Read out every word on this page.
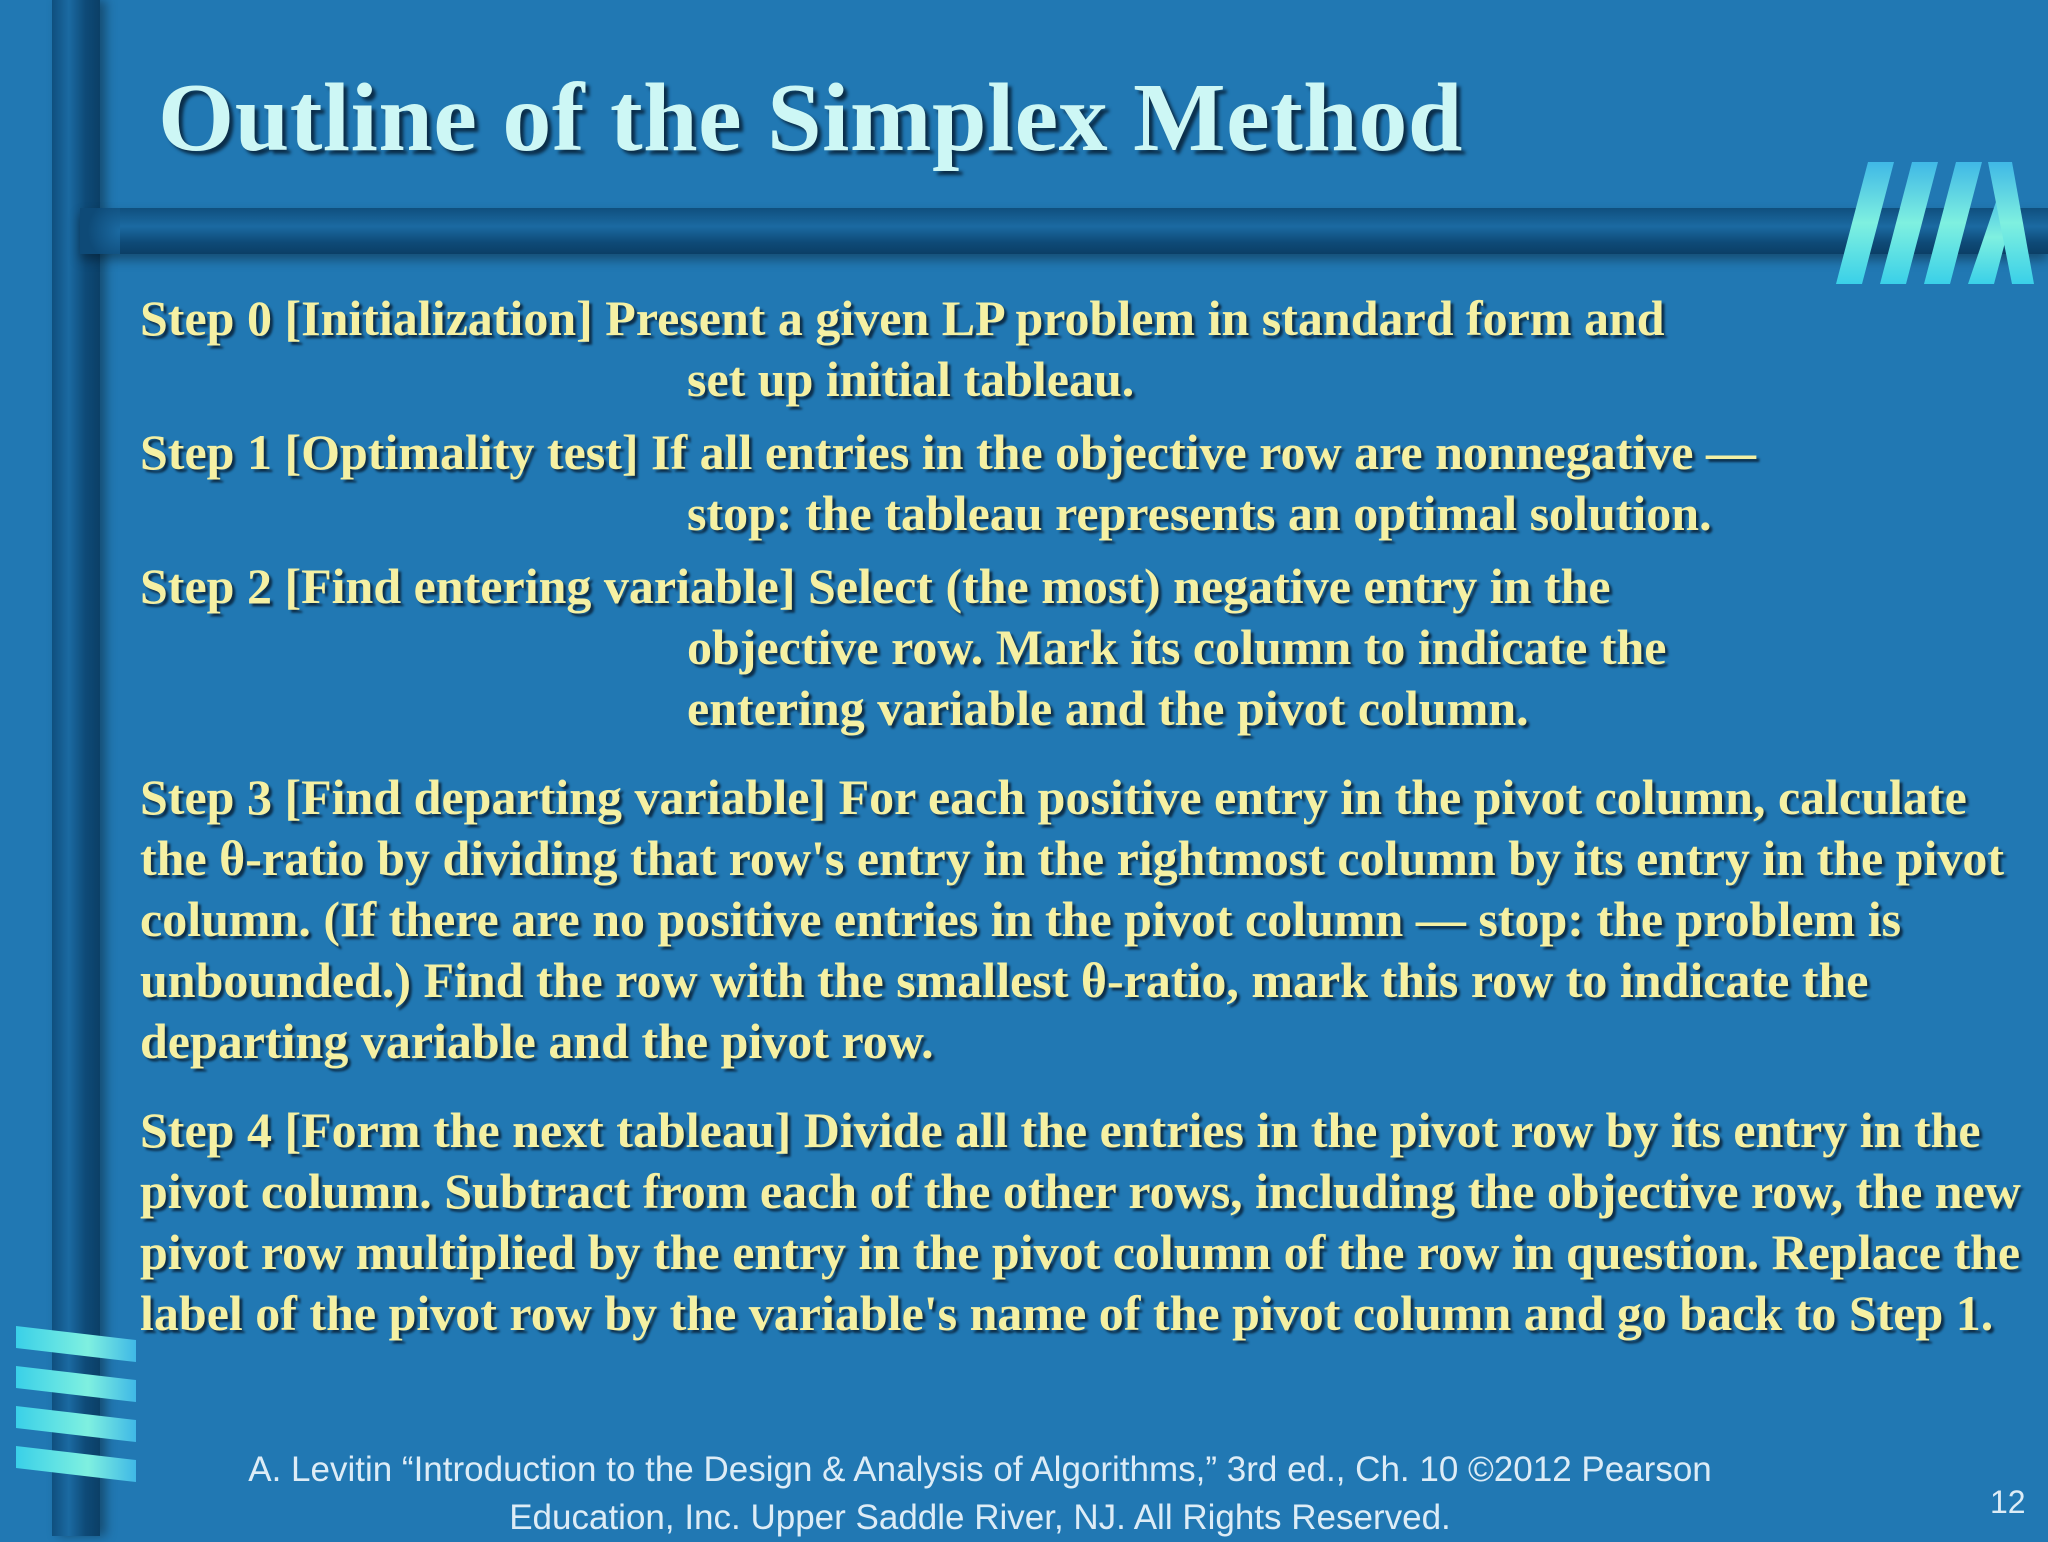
Outline of the Simplex Method
Step 0 [Initialization] Present a given LP problem in standard form and
set up initial tableau.
Step 1 [Optimality test] If all entries in the objective row are nonnegative —
stop: the tableau represents an optimal solution.
Step 2 [Find entering variable] Select (the most) negative entry in the
objective row. Mark its column to indicate the
entering variable and the pivot column.
Step 3 [Find departing variable] For each positive entry in the pivot column, calculate the θ-ratio by dividing that row's entry in the rightmost column by its entry in the pivot column. (If there are no positive entries in the pivot column — stop: the problem is unbounded.) Find the row with the smallest θ-ratio, mark this row to indicate the departing variable and the pivot row.
Step 4 [Form the next tableau] Divide all the entries in the pivot row by its entry in the pivot column. Subtract from each of the other rows, including the objective row, the new pivot row multiplied by the entry in the pivot column of the row in question. Replace the label of the pivot row by the variable's name of the pivot column and go back to Step 1.
A. Levitin “Introduction to the Design & Analysis of Algorithms,” 3rd ed., Ch. 10 ©2012 Pearson
Education, Inc. Upper Saddle River, NJ. All Rights Reserved.	12
